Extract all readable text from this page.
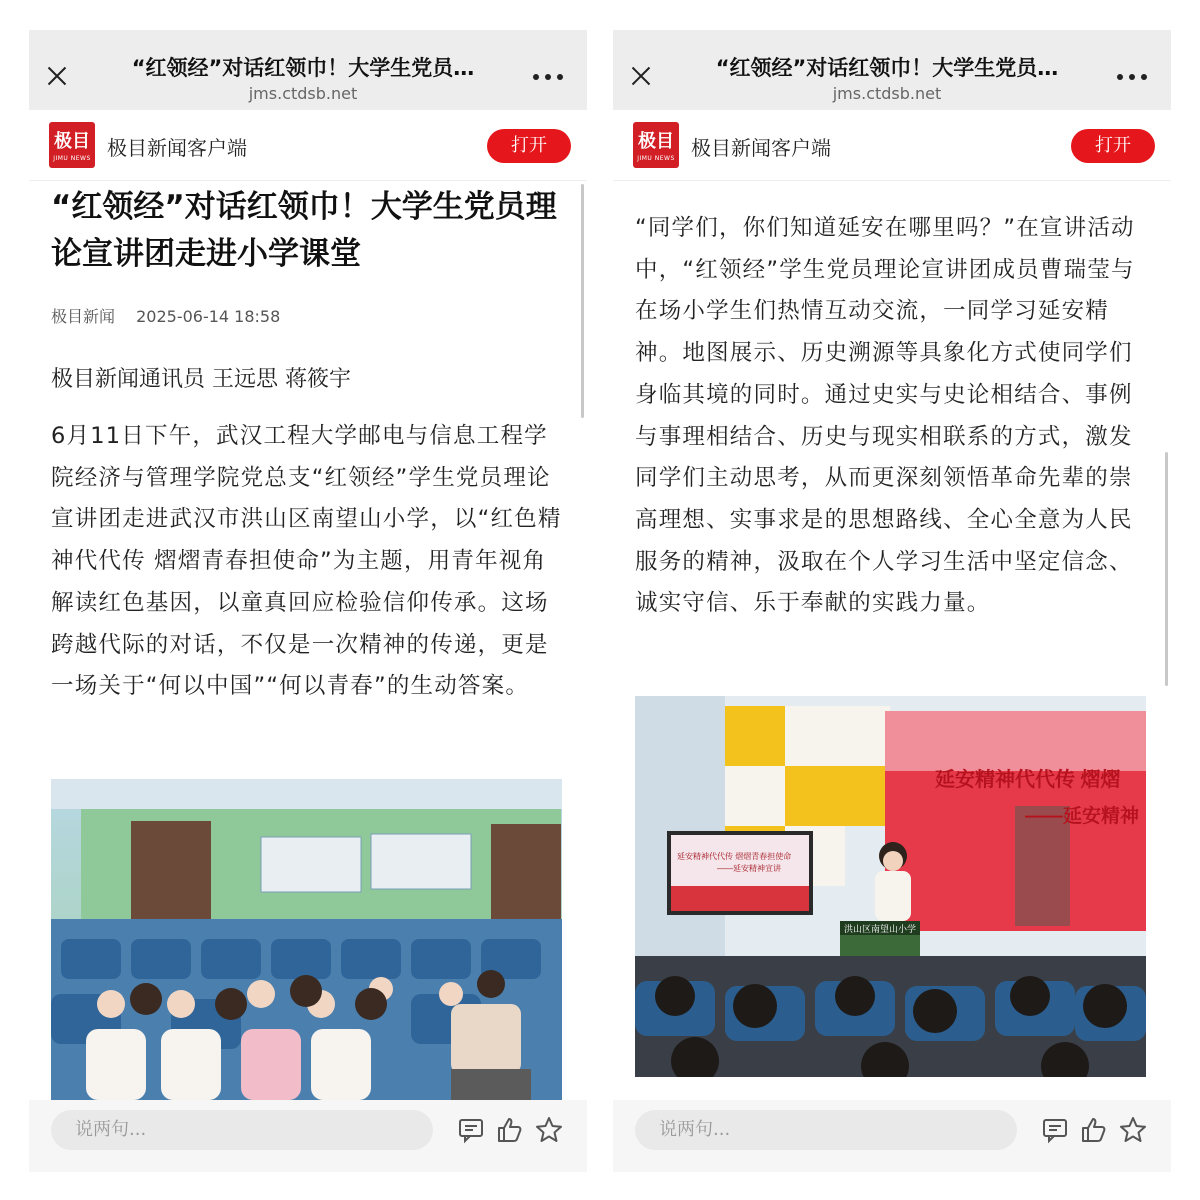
“红领经”对话红领巾！大学生党员…
jms.ctdsb.net
极目
JIMU NEWS 极目新闻客户端	打开
“红领经”对话红领巾！大学生党员理论宣讲团走进小学课堂
极目新闻 2025-06-14 18:58
极目新闻通讯员 王远思 蒋筱宇
6月11日下午，武汉工程大学邮电与信息工程学院经济与管理学院党总支“红领经”学生党员理论宣讲团走进武汉市洪山区南望山小学，以“红色精神代代传 熠熠青春担使命”为主题，用青年视角解读红色基因，以童真回应检验信仰传承。这场跨越代际的对话，不仅是一次精神的传递，更是一场关于“何以中国”“何以青春”的生动答案。
说两句...
“红领经”对话红领巾！大学生党员…
jms.ctdsb.net
极目
JIMU NEWS 极目新闻客户端	打开
“同学们，你们知道延安在哪里吗？”在宣讲活动中，“红领经”学生党员理论宣讲团成员曹瑞莹与在场小学生们热情互动交流，一同学习延安精神。地图展示、历史溯源等具象化方式使同学们身临其境的同时。通过史实与史论相结合、事例与事理相结合、历史与现实相联系的方式，激发同学们主动思考，从而更深刻领悟革命先辈的崇高理想、实事求是的思想路线、全心全意为人民服务的精神，汲取在个人学习生活中坚定信念、诚实守信、乐于奉献的实践力量。
延安精神代代传 熠熠
——延安精神
延安精神代代传 熠熠青春担使命
——延安精神宣讲
洪山区南望山小学
说两句...
